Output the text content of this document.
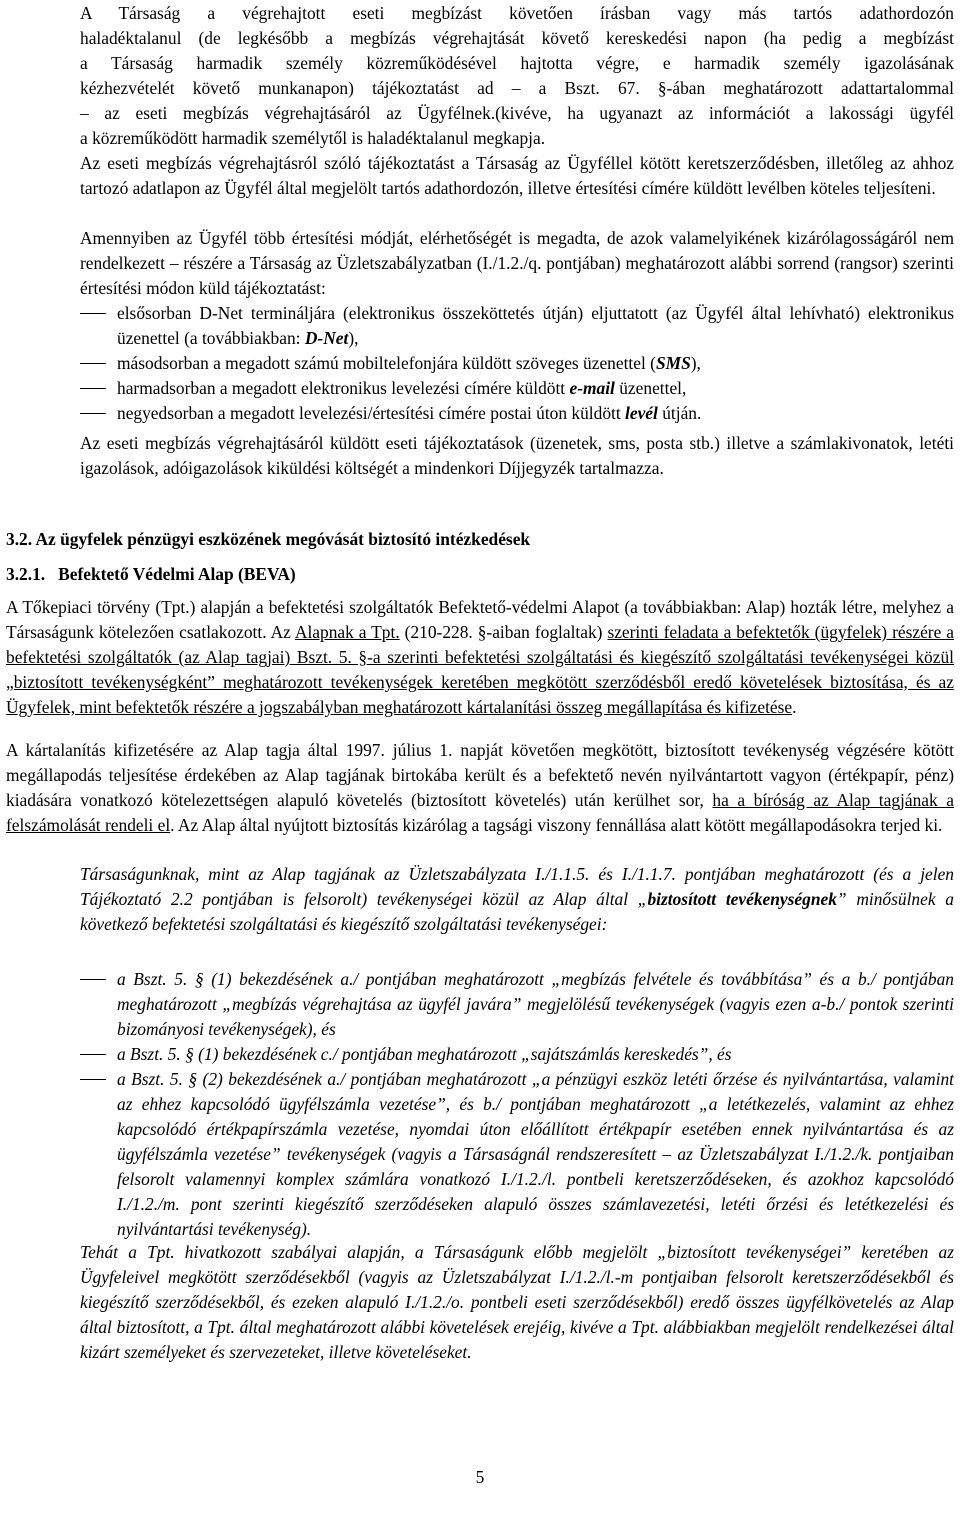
A Társaság a végrehajtott eseti megbízást követően írásban vagy más tartós adathordozón

haladéktalanul (de legkésőbb a megbízás végrehajtását követő kereskedési napon (ha pedig a megbízást

a Társaság harmadik személy közreműködésével hajtotta végre, e harmadik személy igazolásának

kézhezvételét követő munkanapon) tájékoztatást ad – a Bszt. 67. §-ában meghatározott adattartalommal

– az eseti megbízás végrehajtásáról az Ügyfélnek.(kivéve, ha ugyanazt az információt a lakossági ügyfél

a közreműködött harmadik személytől is haladéktalanul megkapja.

Az eseti megbízás végrehajtásról szóló tájékoztatást a Társaság az Ügyféllel kötött keretszerződésben, illetőleg az ahhoz tartozó adatlapon az Ügyfél által megjelölt tartós adathordozón, illetve értesítési címére küldött levélben köteles teljesíteni.

Amennyiben az Ügyfél több értesítési módját, elérhetőségét is megadta, de azok valamelyikének kizárólagosságáról nem rendelkezett – részére a Társaság az Üzletszabályzatban (I./1.2./q. pontjában) meghatározott alábbi sorrend (rangsor) szerinti értesítési módon küld tájékoztatást:

elsősorban D-Net termináljára (elektronikus összeköttetés útján) eljuttatott (az Ügyfél által lehívható) elektronikus üzenettel (a továbbiakban: D-Net),
másodsorban a megadott számú mobiltelefonjára küldött szöveges üzenettel (SMS),
harmadsorban a megadott elektronikus levelezési címére küldött e-mail üzenettel,
negyedsorban a megadott levelezési/értesítési címére postai úton küldött levél útján.

Az eseti megbízás végrehajtásáról küldött eseti tájékoztatások (üzenetek, sms, posta stb.) illetve a számlakivonatok, letéti igazolások, adóigazolások kiküldési költségét a mindenkori Díjjegyzék tartalmazza.

3.2. Az ügyfelek pénzügyi eszközének megóvását biztosító intézkedések

3.2.1.   Befektető Védelmi Alap (BEVA)

A Tőkepiaci törvény (Tpt.) alapján a befektetési szolgáltatók Befektető-védelmi Alapot (a továbbiakban: Alap) hozták létre, melyhez a Társaságunk kötelezően csatlakozott. Az Alapnak a Tpt. (210-228. §-aiban foglaltak) szerinti feladata a befektetők (ügyfelek) részére a befektetési szolgáltatók (az Alap tagjai) Bszt. 5. §-a szerinti befektetési szolgáltatási és kiegészítő szolgáltatási tevékenységei közül „biztosított tevékenységként” meghatározott tevékenységek keretében megkötött szerződésből eredő követelések biztosítása, és az Ügyfelek, mint befektetők részére a jogszabályban meghatározott kártalanítási összeg megállapítása és kifizetése.

A kártalanítás kifizetésére az Alap tagja által 1997. július 1. napját követően megkötött, biztosított tevékenység végzésére kötött megállapodás teljesítése érdekében az Alap tagjának birtokába került és a befektető nevén nyilvántartott vagyon (értékpapír, pénz) kiadására vonatkozó kötelezettségen alapuló követelés (biztosított követelés) után kerülhet sor, ha a bíróság az Alap tagjának a felszámolását rendeli el. Az Alap által nyújtott biztosítás kizárólag a tagsági viszony fennállása alatt kötött megállapodásokra terjed ki.

Társaságunknak, mint az Alap tagjának az Üzletszabályzata I./1.1.5. és I./1.1.7. pontjában meghatározott (és a jelen Tájékoztató 2.2 pontjában is felsorolt) tevékenységei közül az Alap által „biztosított tevékenységnek” minősülnek a következő befektetési szolgáltatási és kiegészítő szolgáltatási tevékenységei:

a Bszt. 5. § (1) bekezdésének a./ pontjában meghatározott „megbízás felvétele és továbbítása” és a b./ pontjában meghatározott „megbízás végrehajtása az ügyfél javára” megjelölésű tevékenységek (vagyis ezen a-b./ pontok szerinti bizományosi tevékenységek), és
a Bszt. 5. § (1) bekezdésének c./ pontjában meghatározott „sajátszámlás kereskedés”, és
a Bszt. 5. § (2) bekezdésének a./ pontjában meghatározott „a pénzügyi eszköz letéti őrzése és nyilvántartása, valamint az ehhez kapcsolódó ügyfélszámla vezetése”, és b./ pontjában meghatározott „a letétkezelés, valamint az ehhez kapcsolódó értékpapírszámla vezetése, nyomdai úton előállított értékpapír esetében ennek nyilvántartása és az ügyfélszámla vezetése” tevékenységek (vagyis a Társaságnál rendszeresített – az Üzletszabályzat I./1.2./k. pontjaiban felsorolt valamennyi komplex számlára vonatkozó I./1.2./l. pontbeli keretszerződéseken, és azokhoz kapcsolódó I./1.2./m. pont szerinti kiegészítő szerződéseken alapuló összes számlavezetési, letéti őrzési és letétkezelési és nyilvántartási tevékenység).

Tehát a Tpt. hivatkozott szabályai alapján, a Társaságunk előbb megjelölt „biztosított tevékenységei” keretében az Ügyfeleivel megkötött szerződésekből (vagyis az Üzletszabályzat I./1.2./l.-m pontjaiban felsorolt keretszerződésekből és kiegészítő szerződésekből, és ezeken alapuló I./1.2./o. pontbeli eseti szerződésekből) eredő összes ügyfélkövetelés az Alap által biztosított, a Tpt. által meghatározott alábbi követelések erejéig, kivéve a Tpt. alábbiakban megjelölt rendelkezései által kizárt személyeket és szervezeteket, illetve követeléseket.

5
